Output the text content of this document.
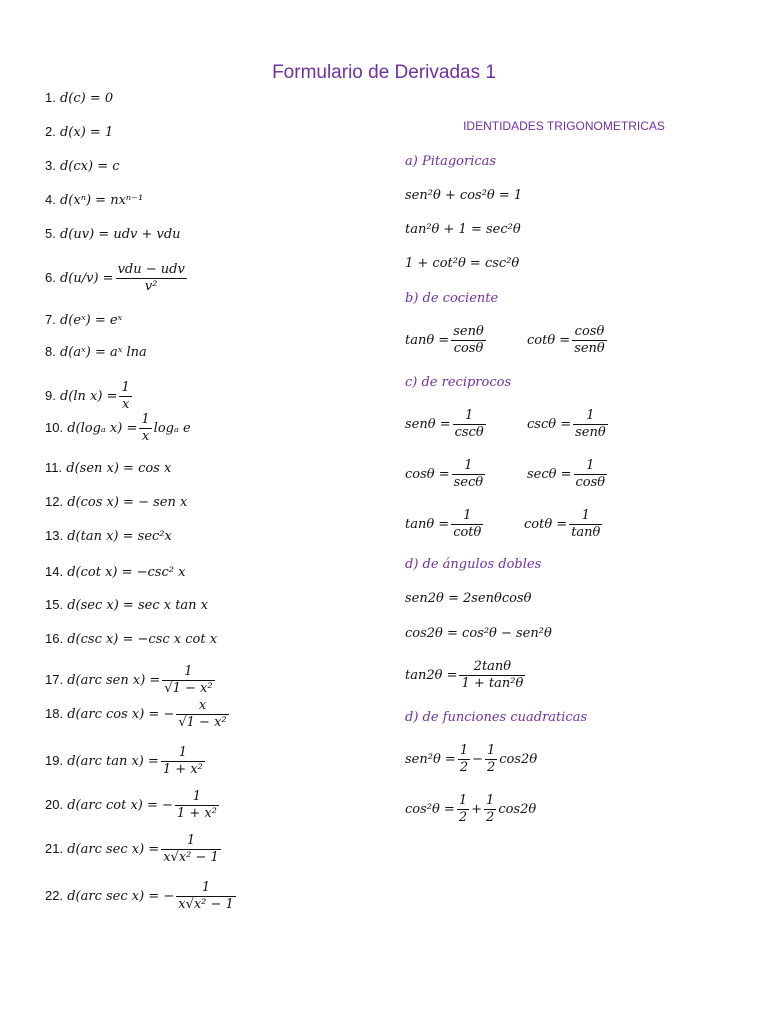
Formulario de Derivadas 1
IDENTIDADES TRIGONOMETRICAS
1. d(c) = 0
2. d(x) = 1
3. d(cx) = c
4. d(xⁿ) = nxⁿ⁻¹
5. d(uv) = udv + vdu
6. $d(u/v) = \frac{\text{vdu − udv}}{\text{v²}}$
7. d(eˣ) = eˣ
8. d(aˣ) = aˣ lna
9. d(ln $x) = \frac{1}{x}$
10. d(logₐ $x) = \frac{1}{x}$ logₐ e
11. d(sen x) = cos x
12. d(cos x) = − sen x
13. d(tan x) = sec²x
14. d(cot x) = −csc² x
15. d(sec x) = sec x tan x
16. d(csc x) = −csc x cot x
17. d(arc sen $x) = \frac{1}{\text{√1 − x²}}$
18. d(arc cos x) = − $\frac{x}{\text{√1 − x²}}$
19. d(arc $\tan x) = \frac{1}{\text{1 + x²}}$
20. d(arc cot x) = − $\frac{1}{\text{1 + x²}}$
21. d(arc $\sec x) = \frac{1}{\text{x√x² − 1}}$
22. d(arc sec x) = − $\frac{1}{\text{x√x² − 1}}$
a) Pitagoricas
sen²θ + cos²θ = 1
tan²θ + 1 = sec²θ
1 + cot²θ = csc²θ
b) de cociente
$\tan\theta = \frac{\text{senθ}}{\cos\theta}$	$\cot\theta = \frac{\cos\theta}{\text{senθ}}$
c) de reciprocos
$sen\theta = \frac{1}{\csc\theta}$	$\csc\theta = \frac{1}{\text{senθ}}$
$\cos\theta = \frac{1}{\sec\theta}$	$\sec\theta = \frac{1}{\cos\theta}$
$\tan\theta = \frac{1}{\cot\theta}$	$\cot\theta = \frac{1}{\tan\theta}$
d) de ángulos dobles
sen2θ = 2senθcosθ
cos2θ = cos²θ − sen²θ
$\tan 2\theta = \frac{2\tan\theta}{\text{1 + tan²θ}}$
d) de funciones cuadraticas
$sen^2\theta = \frac{1}{2} - \frac{1}{2} \cos 2\theta$
$\cos^2\theta = \frac{1}{2} + \frac{1}{2} \cos 2\theta$
